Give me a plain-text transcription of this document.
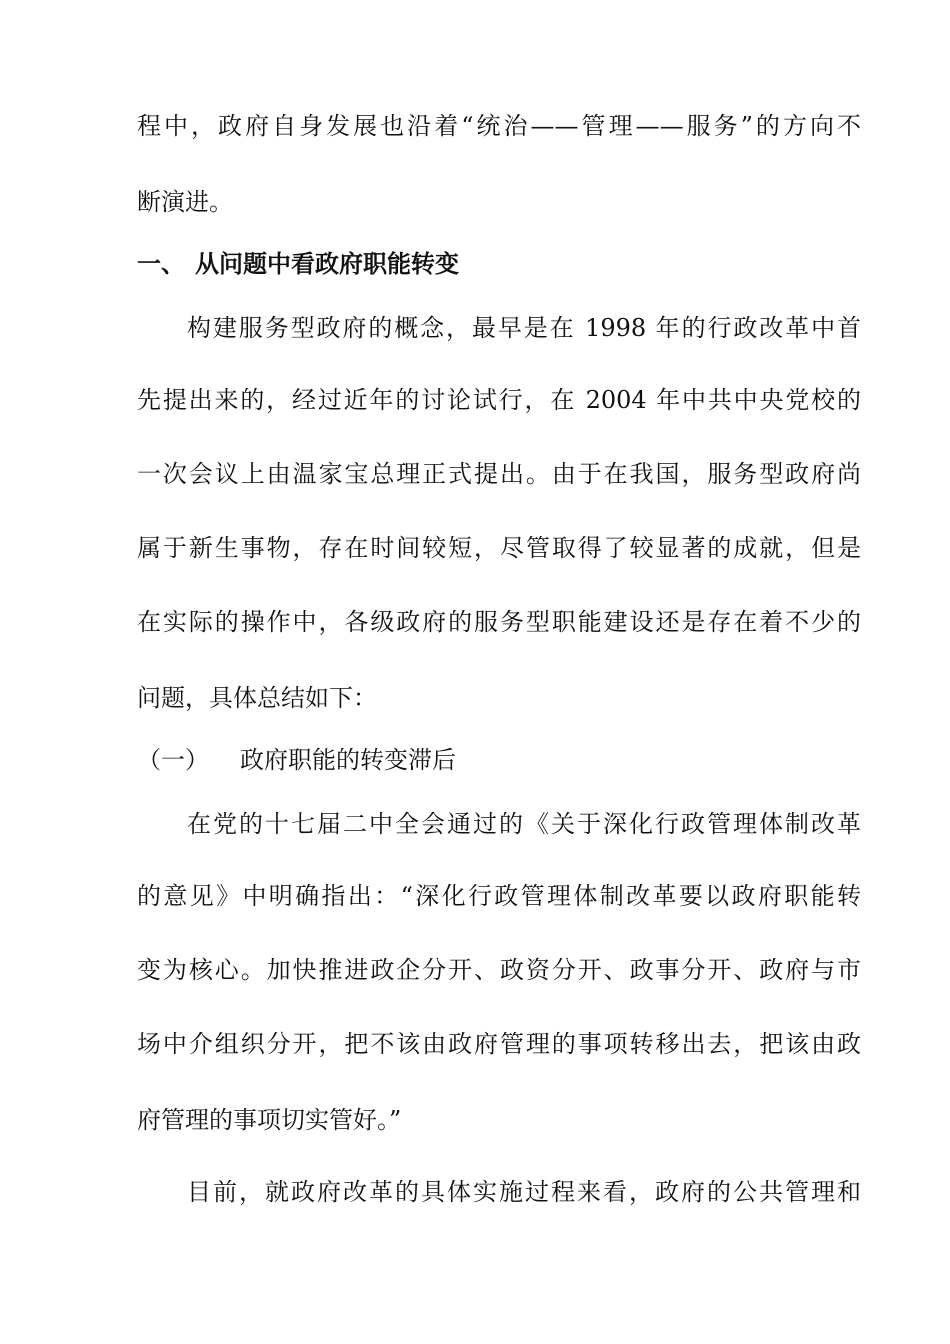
程中，政府自身发展也沿着“统治——管理——服务”的方向不
断演进。
一、 从问题中看政府职能转变
构建服务型政府的概念，最早是在 1998 年的行政改革中首
先提出来的，经过近年的讨论试行，在 2004 年中共中央党校的
一次会议上由温家宝总理正式提出。由于在我国，服务型政府尚
属于新生事物，存在时间较短，尽管取得了较显著的成就，但是
在实际的操作中，各级政府的服务型职能建设还是存在着不少的
问题，具体总结如下：
（一） 政府职能的转变滞后
在党的十七届二中全会通过的《关于深化行政管理体制改革
的意见》中明确指出：“深化行政管理体制改革要以政府职能转
变为核心。加快推进政企分开、政资分开、政事分开、政府与市
场中介组织分开，把不该由政府管理的事项转移出去，把该由政
府管理的事项切实管好。”
目前，就政府改革的具体实施过程来看，政府的公共管理和
